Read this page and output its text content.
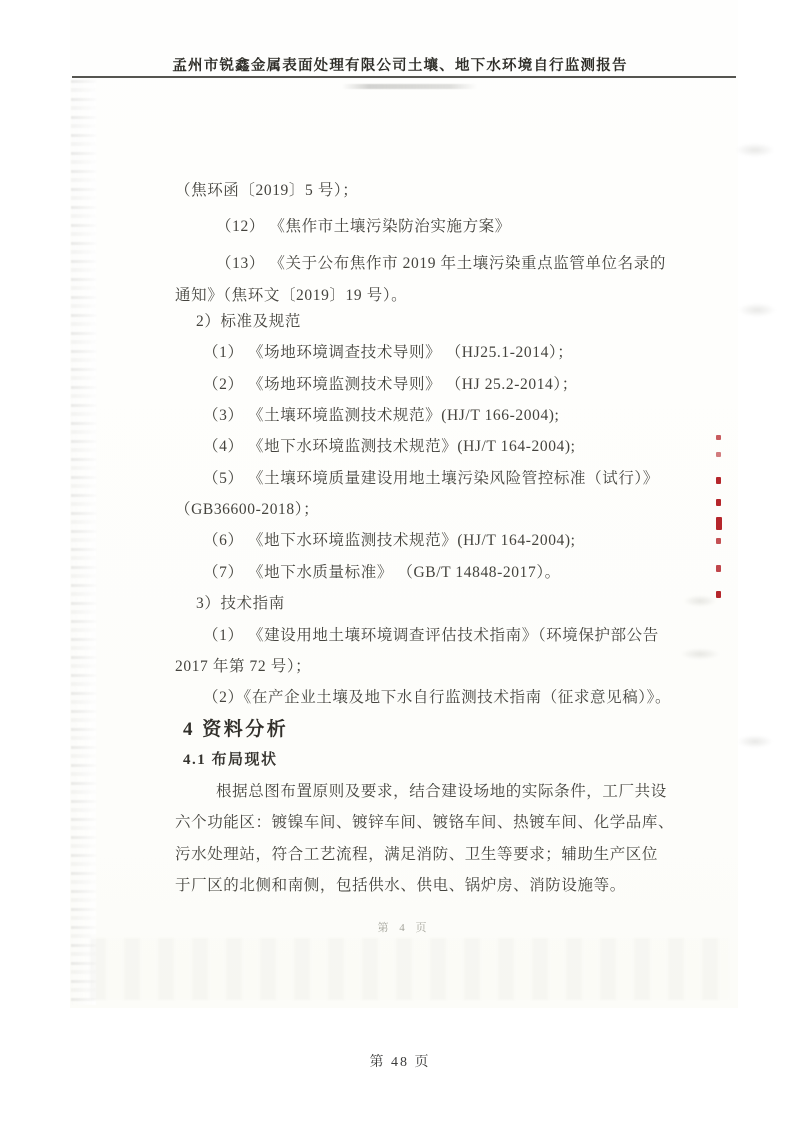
孟州市锐鑫金属表面处理有限公司土壤、地下水环境自行监测报告
（焦环函〔2019〕5 号）；
（12） 《焦作市土壤污染防治实施方案》
（13） 《关于公布焦作市 2019 年土壤污染重点监管单位名录的
通知》（焦环文〔2019〕19 号）。
2）标准及规范
（1） 《场地环境调查技术导则》 （HJ25.1-2014）；
（2） 《场地环境监测技术导则》 （HJ 25.2-2014）；
（3） 《土壤环境监测技术规范》(HJ/T 166-2004);
（4） 《地下水环境监测技术规范》(HJ/T 164-2004);
（5） 《土壤环境质量建设用地土壤污染风险管控标准（试行）》
（GB36600-2018）；
（6） 《地下水环境监测技术规范》(HJ/T 164-2004);
（7） 《地下水质量标准》 （GB/T 14848-2017）。
3）技术指南
（1） 《建设用地土壤环境调查评估技术指南》（环境保护部公告
2017 年第 72 号）；
（2）《在产企业土壤及地下水自行监测技术指南（征求意见稿）》。
4 资料分析
4.1 布局现状
根据总图布置原则及要求，结合建设场地的实际条件，工厂共设
六个功能区：镀镍车间、镀锌车间、镀铬车间、热镀车间、化学品库、
污水处理站，符合工艺流程，满足消防、卫生等要求；辅助生产区位
于厂区的北侧和南侧，包括供水、供电、锅炉房、消防设施等。
第 4 页
第 48 页
